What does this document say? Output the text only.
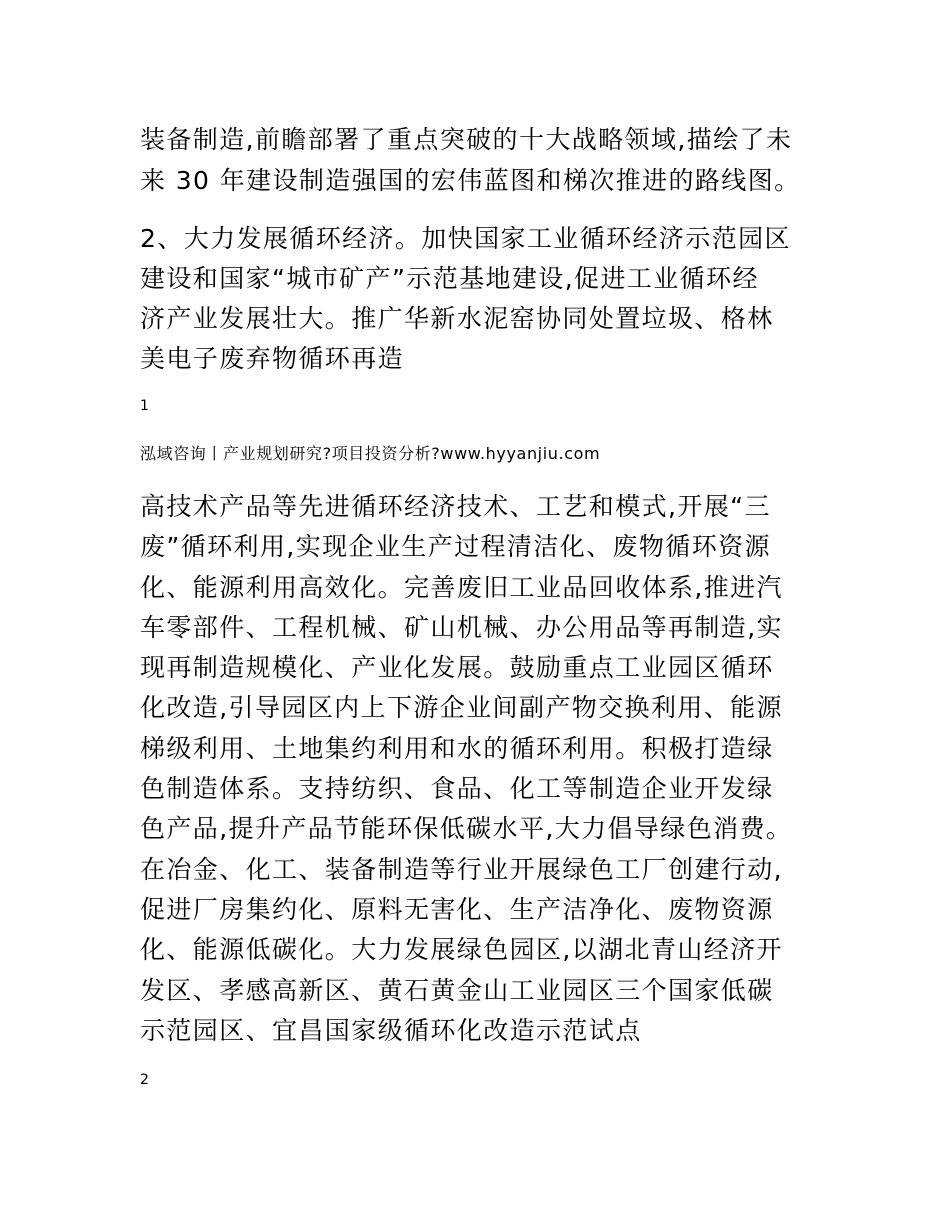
装备制造,前瞻部署了重点突破的十大战略领域,描绘了未
来 30 年建设制造强国的宏伟蓝图和梯次推进的路线图。
2、大力发展循环经济。加快国家工业循环经济示范园区
建设和国家“城市矿产”示范基地建设,促进工业循环经
济产业发展壮大。推广华新水泥窑协同处置垃圾、格林
美电子废弃物循环再造
1
泓域咨询丨产业规划研究?项目投资分析?www.hyyanjiu.com
高技术产品等先进循环经济技术、工艺和模式,开展“三
废”循环利用,实现企业生产过程清洁化、废物循环资源
化、能源利用高效化。完善废旧工业品回收体系,推进汽
车零部件、工程机械、矿山机械、办公用品等再制造,实
现再制造规模化、产业化发展。鼓励重点工业园区循环
化改造,引导园区内上下游企业间副产物交换利用、能源
梯级利用、土地集约利用和水的循环利用。积极打造绿
色制造体系。支持纺织、食品、化工等制造企业开发绿
色产品,提升产品节能环保低碳水平,大力倡导绿色消费。
在冶金、化工、装备制造等行业开展绿色工厂创建行动,
促进厂房集约化、原料无害化、生产洁净化、废物资源
化、能源低碳化。大力发展绿色园区,以湖北青山经济开
发区、孝感高新区、黄石黄金山工业园区三个国家低碳
示范园区、宜昌国家级循环化改造示范试点
2
